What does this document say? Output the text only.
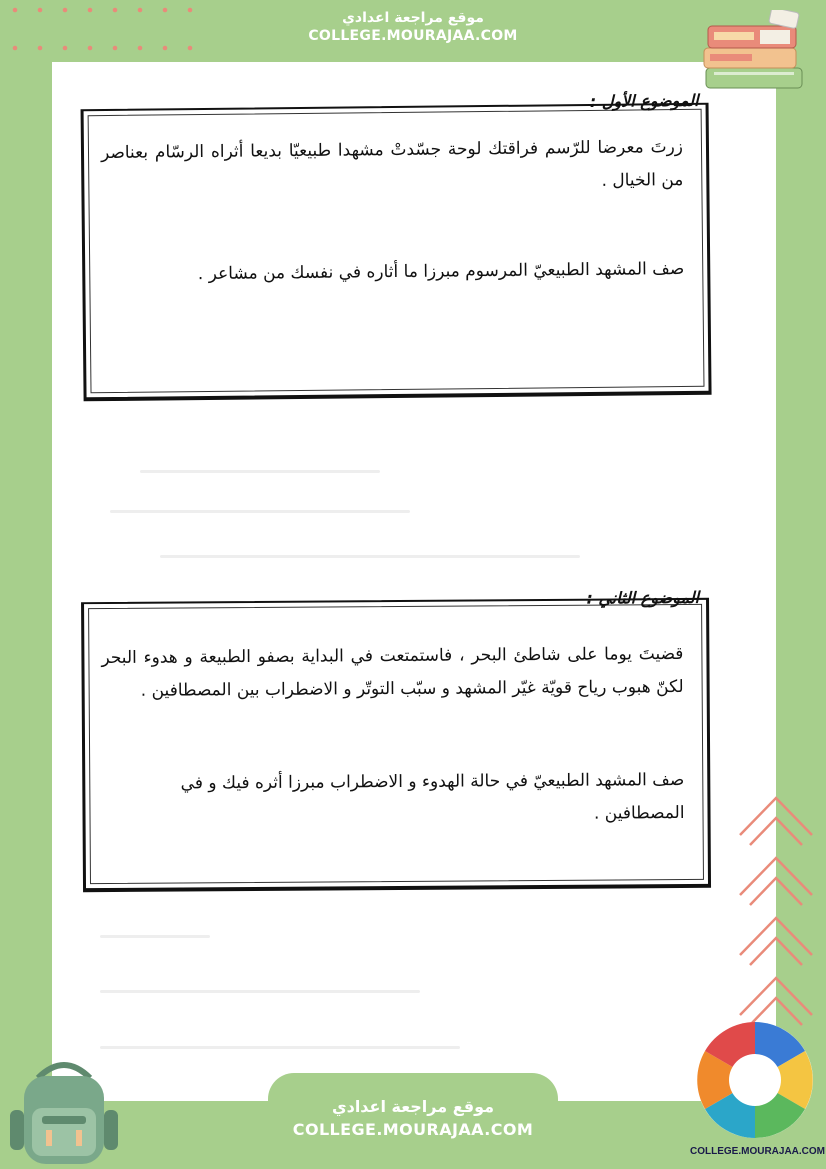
موقع مراجعة اعدادي
COLLEGE.MOURAJAA.COM
الموضوع الأول :
زرتَ معرضا للرّسم فراقتك لوحة جسّدتْ مشهدا طبيعيّا بديعا أثراه الرسّام بعناصر من الخيال .
صف المشهد الطبيعيّ المرسوم مبرزا ما أثاره في نفسك من مشاعر .
الموضوع الثاني :
قضيتَ يوما على شاطئ البحر ، فاستمتعت في البداية بصفو الطبيعة و هدوء البحر لكنّ هبوب رياح قويّة غيّر المشهد و سبّب التوتّر و الاضطراب بين المصطافين .
صف المشهد الطبيعيّ في حالة الهدوء و الاضطراب مبرزا أثره فيك و في المصطافين .
موقع مراجعة اعدادي
COLLEGE.MOURAJAA.COM
COLLEGE.MOURAJAA.COM
